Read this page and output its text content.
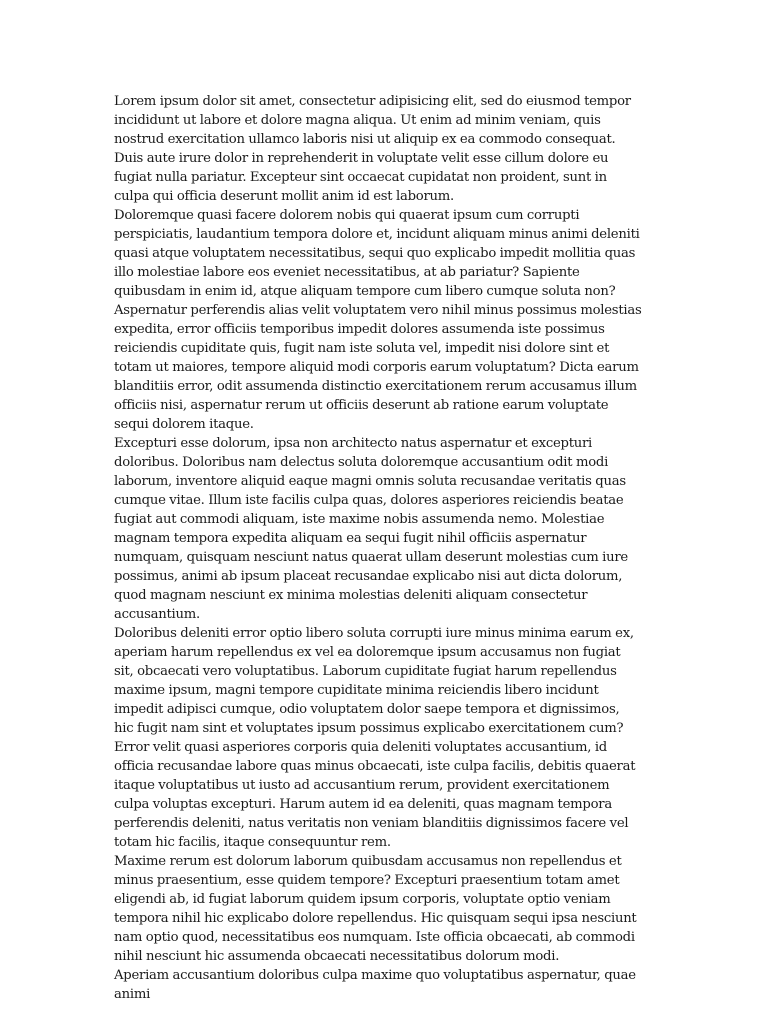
Lorem ipsum dolor sit amet, consectetur adipisicing elit, sed do eiusmod tempor incididunt ut labore et dolore magna aliqua. Ut enim ad minim veniam, quis nostrud exercitation ullamco laboris nisi ut aliquip ex ea commodo consequat. Duis aute irure dolor in reprehenderit in voluptate velit esse cillum dolore eu fugiat nulla pariatur. Excepteur sint occaecat cupidatat non proident, sunt in culpa qui officia deserunt mollit anim id est laborum.

Doloremque quasi facere dolorem nobis qui quaerat ipsum cum corrupti perspiciatis, laudantium tempora dolore et, incidunt aliquam minus animi deleniti quasi atque voluptatem necessitatibus, sequi quo explicabo impedit mollitia quas illo molestiae labore eos eveniet necessitatibus, at ab pariatur? Sapiente quibusdam in enim id, atque aliquam tempore cum libero cumque soluta non? Aspernatur perferendis alias velit voluptatem vero nihil minus possimus molestias expedita, error officiis temporibus impedit dolores assumenda iste possimus reiciendis cupiditate quis, fugit nam iste soluta vel, impedit nisi dolore sint et totam ut maiores, tempore aliquid modi corporis earum voluptatum? Dicta earum blanditiis error, odit assumenda distinctio exercitationem rerum accusamus illum officiis nisi, aspernatur rerum ut officiis deserunt ab ratione earum voluptate sequi dolorem itaque.

Excepturi esse dolorum, ipsa non architecto natus aspernatur et excepturi doloribus. Doloribus nam delectus soluta doloremque accusantium odit modi laborum, inventore aliquid eaque magni omnis soluta recusandae veritatis quas cumque vitae. Illum iste facilis culpa quas, dolores asperiores reiciendis beatae fugiat aut commodi aliquam, iste maxime nobis assumenda nemo. Molestiae magnam tempora expedita aliquam ea sequi fugit nihil officiis aspernatur numquam, quisquam nesciunt natus quaerat ullam deserunt molestias cum iure possimus, animi ab ipsum placeat recusandae explicabo nisi aut dicta dolorum, quod magnam nesciunt ex minima molestias deleniti aliquam consectetur accusantium.

Doloribus deleniti error optio libero soluta corrupti iure minus minima earum ex, aperiam harum repellendus ex vel ea doloremque ipsum accusamus non fugiat sit, obcaecati vero voluptatibus. Laborum cupiditate fugiat harum repellendus maxime ipsum, magni tempore cupiditate minima reiciendis libero incidunt impedit adipisci cumque, odio voluptatem dolor saepe tempora et dignissimos, hic fugit nam sint et voluptates ipsum possimus explicabo exercitationem cum? Error velit quasi asperiores corporis quia deleniti voluptates accusantium, id officia recusandae labore quas minus obcaecati, iste culpa facilis, debitis quaerat itaque voluptatibus ut iusto ad accusantium rerum, provident exercitationem culpa voluptas excepturi. Harum autem id ea deleniti, quas magnam tempora perferendis deleniti, natus veritatis non veniam blanditiis dignissimos facere vel totam hic facilis, itaque consequuntur rem.

Maxime rerum est dolorum laborum quibusdam accusamus non repellendus et minus praesentium, esse quidem tempore? Excepturi praesentium totam amet eligendi ab, id fugiat laborum quidem ipsum corporis, voluptate optio veniam tempora nihil hic explicabo dolore repellendus. Hic quisquam sequi ipsa nesciunt nam optio quod, necessitatibus eos numquam. Iste officia obcaecati, ab commodi nihil nesciunt hic assumenda obcaecati necessitatibus dolorum modi.

Aperiam accusantium doloribus culpa maxime quo voluptatibus aspernatur, quae animi
